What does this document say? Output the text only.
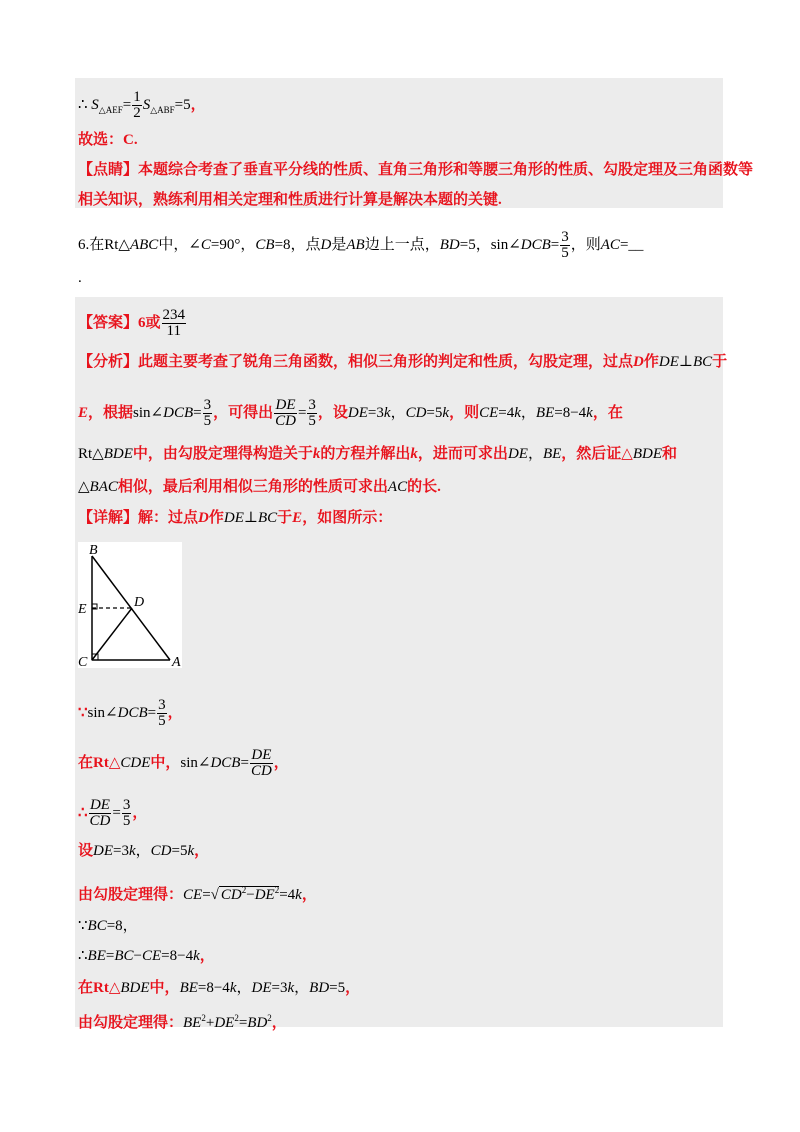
∴ $S_{\triangle AEF}= \frac{1}{2} S_{\triangle ABF}=5$，
故选：C.
【点睛】本题综合考查了垂直平分线的性质、直角三角形和等腰三角形的性质、勾股定理及三角函数等
相关知识，熟练利用相关定理和性质进行计算是解决本题的关键.
6.在Rt△ABC中，∠C=90°，CB=8，点D是AB边上一点，BD=5，sin∠DCB= $\frac{3}{5}$ ，则AC=__
.
【答案】6或 $\frac{234}{11}$
【分析】此题主要考查了锐角三角函数，相似三角形的判定和性质，勾股定理，过点D作DE⊥BC于
E，根据sin∠DCB= $\frac{3}{5}$ ，可得出 $\frac{DE}{CD} = \frac{3}{5}$ ，设DE=3k，CD=5k，则CE=4k，BE=8−4k，在
Rt△BDE中，由勾股定理得构造关于k的方程并解出k，进而可求出DE，BE，然后证△BDE和
△BAC相似，最后利用相似三角形的性质可求出AC的长.
【详解】解：过点D作DE⊥BC于E，如图所示：
B
E	D
C	A
∵sin∠DCB= $\frac{3}{5}$ ，
在Rt△CDE中，sin∠DCB= $\frac{DE}{CD}$ ，
∴ $\frac{DE}{CD} = \frac{3}{5}$ ，
设DE=3k，CD=5k，
由勾股定理得：CE=√ $CD^2-DE^2=4k$，
∵BC=8，
∴BE=BC−CE=8−4k，
在Rt△BDE中，BE=8−4k，DE=3k，BD=5，
由勾股定理得：$BE^2+DE^2=BD^2$，
